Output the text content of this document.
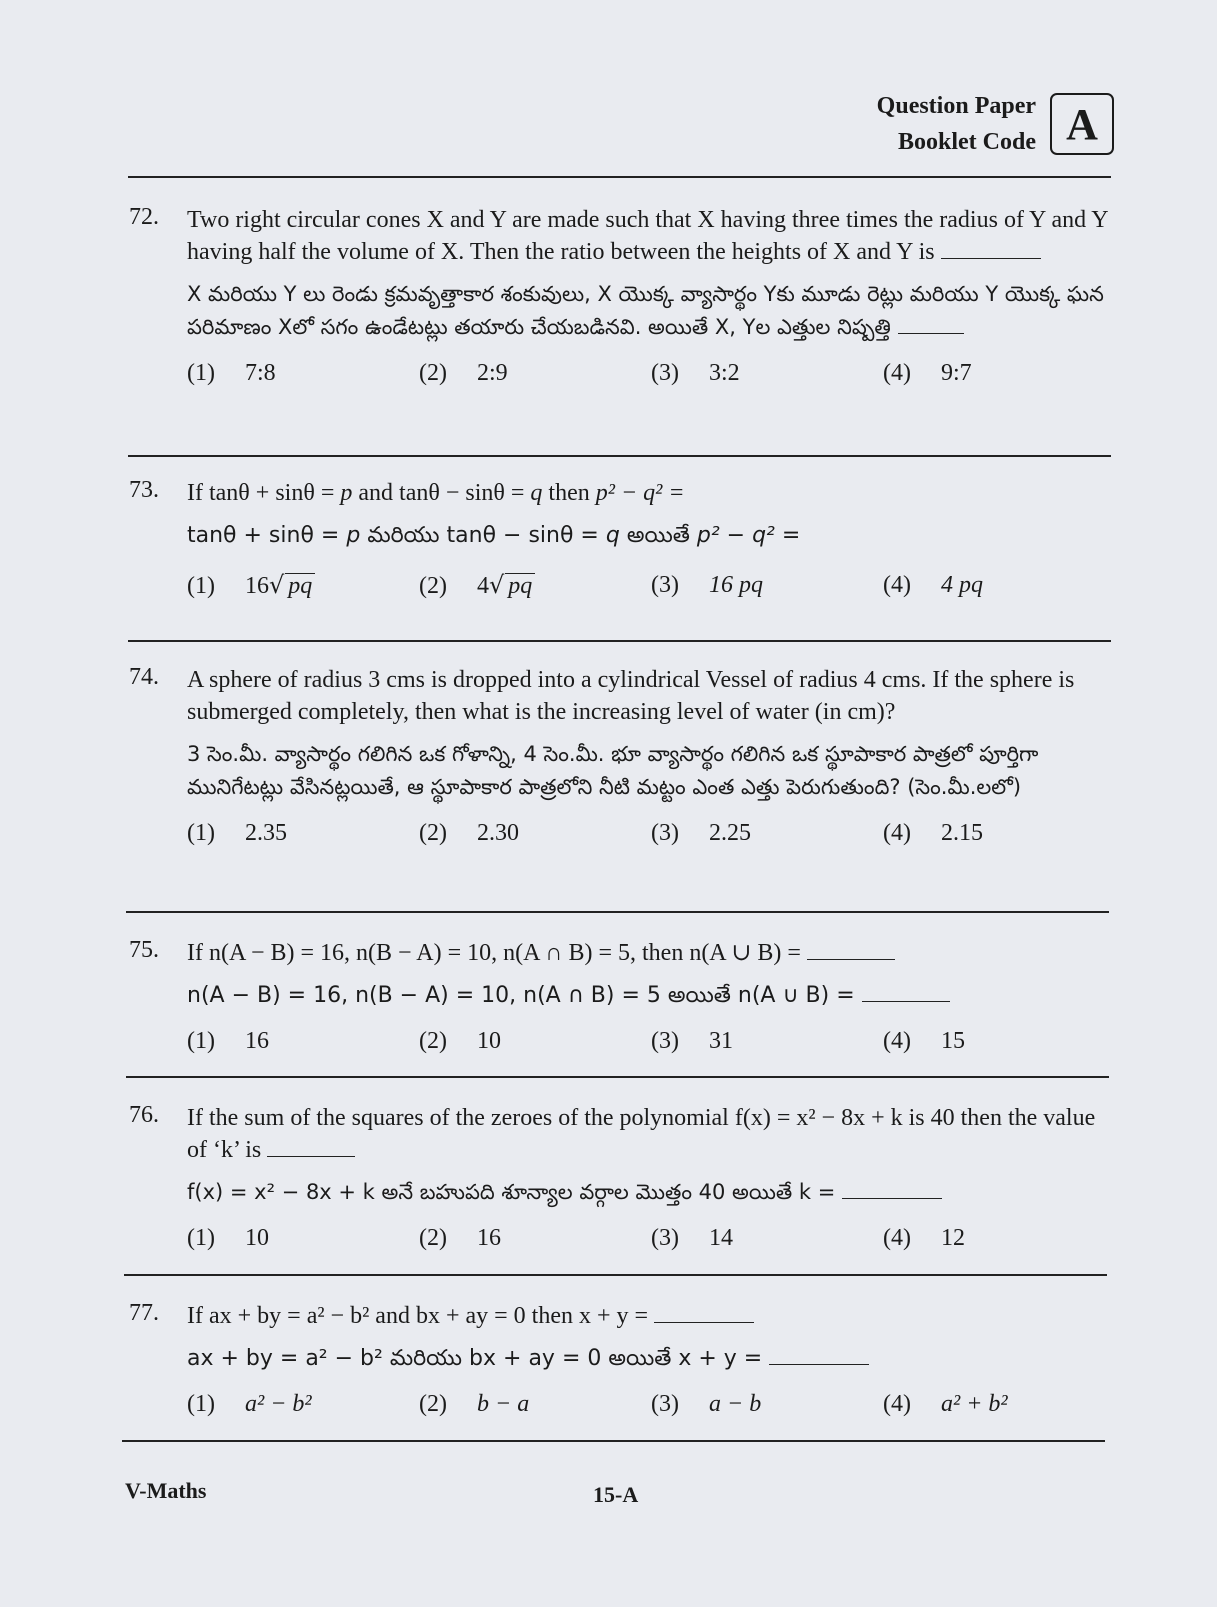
Question Paper
Booklet Code A
72.	Two right circular cones X and Y are made such that X having three times the radius of Y and Y having half the volume of X. Then the ratio between the heights of X and Y is
X మరియు Y లు రెండు క్రమవృత్తాకార శంకువులు, X యొక్క వ్యాసార్థం Yకు మూడు రెట్లు మరియు Y యొక్క ఘన పరిమాణం Xలో సగం ఉండేటట్లు తయారు చేయబడినవి. అయితే X, Yల ఎత్తుల నిష్పత్తి
(1) 7:8	(2) 2:9	(3) 3:2	(4) 9:7
73.	If tanθ + sinθ = p and tanθ − sinθ = q then p² − q² =
tanθ + sinθ = p మరియు tanθ − sinθ = q అయితే p² − q² =
(1) 16√ pq	(2) 4√ pq	(3) 16 pq	(4) 4 pq
74.	A sphere of radius 3 cms is dropped into a cylindrical Vessel of radius 4 cms. If the sphere is submerged completely, then what is the increasing level of water (in cm)?
3 సెం.మీ. వ్యాసార్థం గలిగిన ఒక గోళాన్ని, 4 సెం.మీ. భూ వ్యాసార్థం గలిగిన ఒక స్థూపాకార పాత్రలో పూర్తిగా మునిగేటట్లు వేసినట్లయితే, ఆ స్థూపాకార పాత్రలోని నీటి మట్టం ఎంత ఎత్తు పెరుగుతుంది? (సెం.మీ.లలో)
(1) 2.35	(2) 2.30	(3) 2.25	(4) 2.15
75.	If n(A − B) = 16, n(B − A) = 10, n(A ∩ B) = 5, then n(A ∪ B) =
n(A − B) = 16, n(B − A) = 10, n(A ∩ B) = 5 అయితే n(A ∪ B) =
(1) 16	(2) 10	(3) 31	(4) 15
76.	If the sum of the squares of the zeroes of the polynomial f(x) = x² − 8x + k is 40 then the value of ‘k’ is
f(x) = x² − 8x + k అనే బహుపది శూన్యాల వర్గాల మొత్తం 40 అయితే k =
(1) 10	(2) 16	(3) 14	(4) 12
77.	If ax + by = a² − b² and bx + ay = 0 then x + y =
ax + by = a² − b² మరియు bx + ay = 0 అయితే x + y =
(1) a² − b²	(2) b − a	(3) a − b	(4) a² + b²
V-Maths	15-A
